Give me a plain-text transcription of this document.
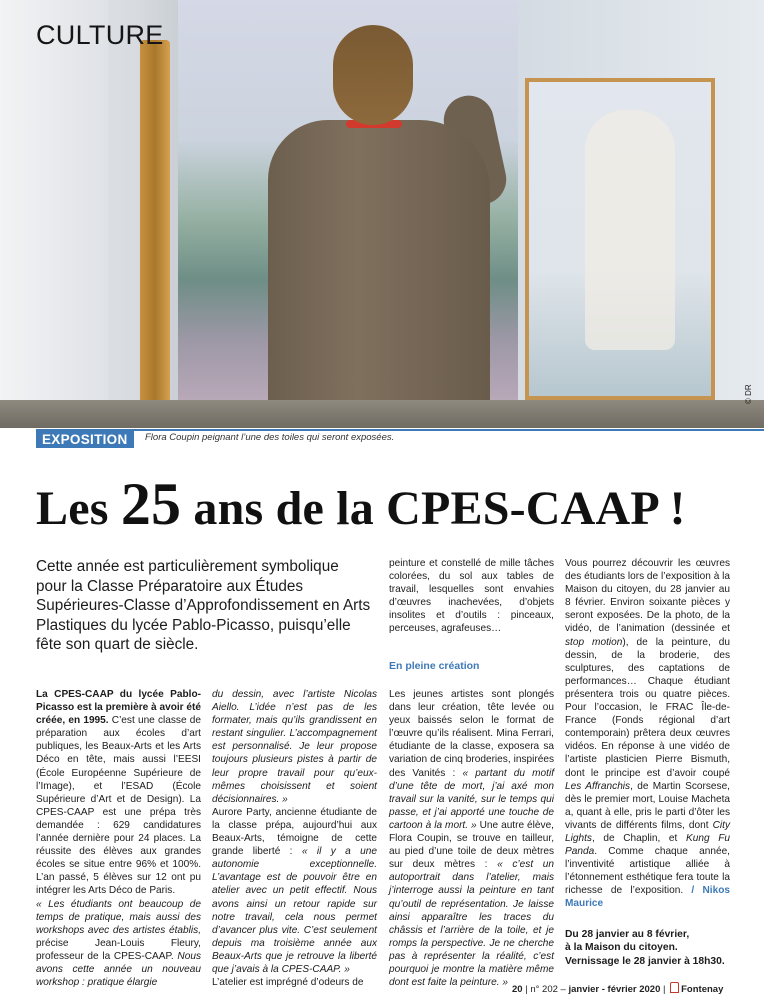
CULTURE
© DR
EXPOSITION	Flora Coupin peignant l’une des toiles qui seront exposées.
Les 25 ans de la CPES-CAAP !

Cette année est particulièrement symbolique pour la Classe Préparatoire aux Études Supérieures-Classe d’Approfondissement en Arts Plastiques du lycée Pablo-Picasso, puisqu’elle fête son quart de siècle.

La CPES-CAAP du lycée Pablo-Picasso est la première à avoir été créée, en 1995. C’est une classe de préparation aux écoles d’art publiques, les Beaux-Arts et les Arts Déco en tête, mais aussi l’EESI (École Européenne Supérieure de l’Image), et l’ESAD (École Supérieure d’Art et de Design). La CPES-CAAP est une prépa très demandée : 629 candidatures l’année dernière pour 24 places. La réussite des élèves aux grandes écoles se situe entre 96% et 100%. L’an passé, 5 élèves sur 12 ont pu intégrer les Arts Déco de Paris.

« Les étudiants ont beaucoup de temps de pratique, mais aussi des workshops avec des artistes établis, précise Jean-Louis Fleury, professeur de la CPES-CAAP. Nous avons cette année un nouveau workshop : pratique élargie

du dessin, avec l’artiste Nicolas Aiello. L’idée n’est pas de les formater, mais qu’ils grandissent en restant singulier. L’accompagnement est personnalisé. Je leur propose toujours plusieurs pistes à partir de leur propre travail pour qu’eux-mêmes choisissent et soient décisionnaires. »

Aurore Party, ancienne étudiante de la classe prépa, aujourd’hui aux Beaux-Arts, témoigne de cette grande liberté : « il y a une autonomie exceptionnelle. L’avantage est de pouvoir être en atelier avec un petit effectif. Nous avons ainsi un retour rapide sur notre travail, cela nous permet d’avancer plus vite. C’est seulement depuis ma troisième année aux Beaux-Arts que je retrouve la liberté que j’avais à la CPES-CAAP. »

L’atelier est imprégné d’odeurs de

peinture et constellé de mille tâches colorées, du sol aux tables de travail, lesquelles sont envahies d’œuvres inachevées, d’objets insolites et d’outils : pinceaux, perceuses, agrafeuses…

En pleine création

Les jeunes artistes sont plongés dans leur création, tête levée ou yeux baissés selon le format de l’œuvre qu’ils réalisent. Mina Ferrari, étudiante de la classe, exposera sa variation de cinq broderies, inspirées des Vanités : « partant du motif d’une tête de mort, j’ai axé mon travail sur la vanité, sur le temps qui passe, et j’ai apporté une touche de cartoon à la mort. » Une autre élève, Flora Coupin, se trouve en tailleur, au pied d’une toile de deux mètres sur deux mètres : « c’est un autoportrait dans l’atelier, mais j’interroge aussi la peinture en tant qu’outil de représentation. Je laisse ainsi apparaître les traces du châssis et l’arrière de la toile, et je romps la perspective. Je ne cherche pas à représenter la réalité, c’est pourquoi je montre la matière même dont est faite la peinture. »

Vous pourrez découvrir les œuvres des étudiants lors de l’exposition à la Maison du citoyen, du 28 janvier au 8 février. Environ soixante pièces y seront exposées. De la photo, de la vidéo, de l’animation (dessinée et stop motion), de la peinture, du dessin, de la broderie, des sculptures, des captations de performances… Chaque étudiant présentera trois ou quatre pièces. Pour l’occasion, le FRAC Île-de-France (Fonds régional d’art contemporain) prêtera deux œuvres vidéos. En réponse à une vidéo de l’artiste plasticien Pierre Bismuth, dont le principe est d’avoir coupé Les Affranchis, de Martin Scorsese, dès le premier mort, Louise Macheta a, quant à elle, pris le parti d’ôter les vivants de différents films, dont City Lights, de Chaplin, et Kung Fu Panda. Comme chaque année, l’inventivité artistique alliée à l’étonnement esthétique fera toute la richesse de l’exposition. / Nikos Maurice

Du 28 janvier au 8 février,
à la Maison du citoyen.
Vernissage le 28 janvier à 18h30.
20 | n° 202 – janvier - février 2020 | Fontenay
